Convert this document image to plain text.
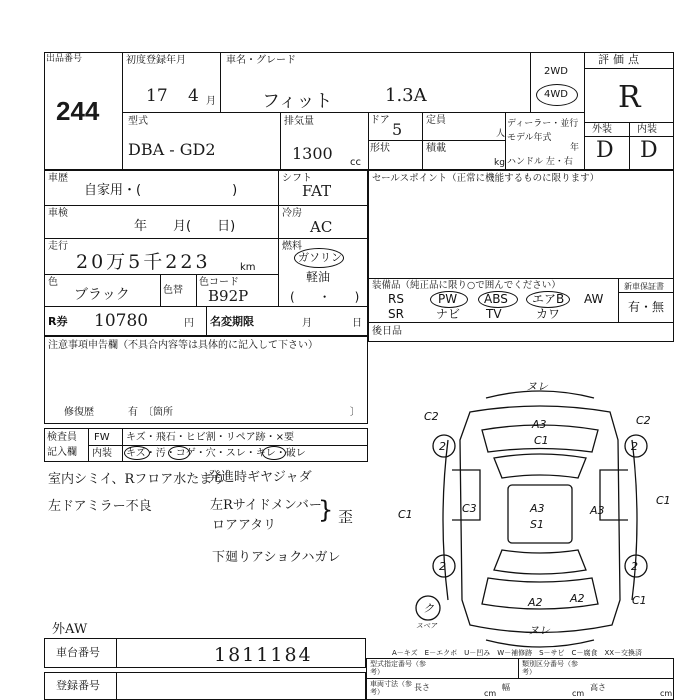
出品番号
244
初度登録年月
17 4 月
車名・グレード
フィット	1.3A
2WD
4WD
評価点
R
外装	内装
D D
型式
DBA - GD2
排気量
1300 cc
ドア 5 定員
人
形状	積載
kg
ディーラー・並行
モデル年式
年
ハンドル 左・右
車歴
自家用・(　　　　　　　)
シフト
FAT
車検
年　　月(　　日)
冷房
AC
走行
20万5千223	km
燃料
ガソリン
軽油
(　　・　　)
色
ブラック	色替
色コード
B92P
R券 10780	円 名変期限	月	日
セールスポイント（正常に機能するものに限ります）
装備品（純正品に限り○で囲んでください）	新車保証書
有・無
RS	PW ABS エアB AW
SR	ナビ TV	カワ
後日品
注意事項申告欄（不具合内容等は具体的に記入して下さい）
修復歴	有　〔箇所	〕
検査員
記入欄
FW キズ・飛石・ヒビ割・リペア跡・×要
内装 キズ・汚・コゲ・穴・スレ・キレ・破レ
室内シミイ、Rフロア水たまり
左ドアミラー不良
発進時ギヤジャダ
左Rサイドメンバー
ロアアタリ
下廻りアショクハガレ
歪
}
外AW
2	2
2	2
ヌレ
A3
C1
A3
S1
A2
C3
C2	C2
C1
C1
C1
A3
A2
ヌレ
ク
スベア
A－キズ　E－エクボ　U－凹み　W－補修跡　S－サビ　C－腐食　XX－交換済
車台番号	1811184
登録番号
型式指定番号（参考）
類別区分番号（参考）
車両寸法（参考）	長さ
cm
幅
cm
高さ
cm
